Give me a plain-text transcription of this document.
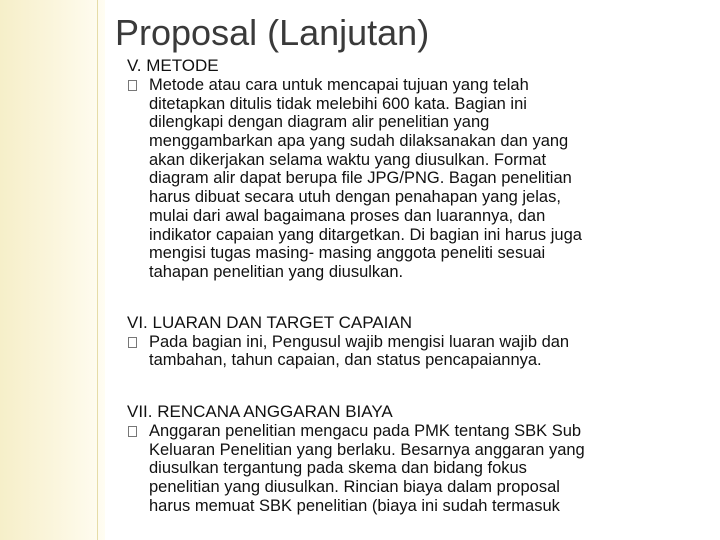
Proposal (Lanjutan)
V. METODE
Metode atau cara untuk mencapai tujuan yang telah
ditetapkan ditulis tidak melebihi 600 kata. Bagian ini
dilengkapi dengan diagram alir penelitian yang
menggambarkan apa yang sudah dilaksanakan dan yang
akan dikerjakan selama waktu yang diusulkan. Format
diagram alir dapat berupa file JPG/PNG. Bagan penelitian
harus dibuat secara utuh dengan penahapan yang jelas,
mulai dari awal bagaimana proses dan luarannya, dan
indikator capaian yang ditargetkan. Di bagian ini harus juga
mengisi tugas masing- masing anggota peneliti sesuai
tahapan penelitian yang diusulkan.
VI. LUARAN DAN TARGET CAPAIAN
Pada bagian ini, Pengusul wajib mengisi luaran wajib dan
tambahan, tahun capaian, dan status pencapaiannya.
VII. RENCANA ANGGARAN BIAYA
Anggaran penelitian mengacu pada PMK tentang SBK Sub
Keluaran Penelitian yang berlaku. Besarnya anggaran yang
diusulkan tergantung pada skema dan bidang fokus
penelitian yang diusulkan. Rincian biaya dalam proposal
harus memuat SBK penelitian (biaya ini sudah termasuk
